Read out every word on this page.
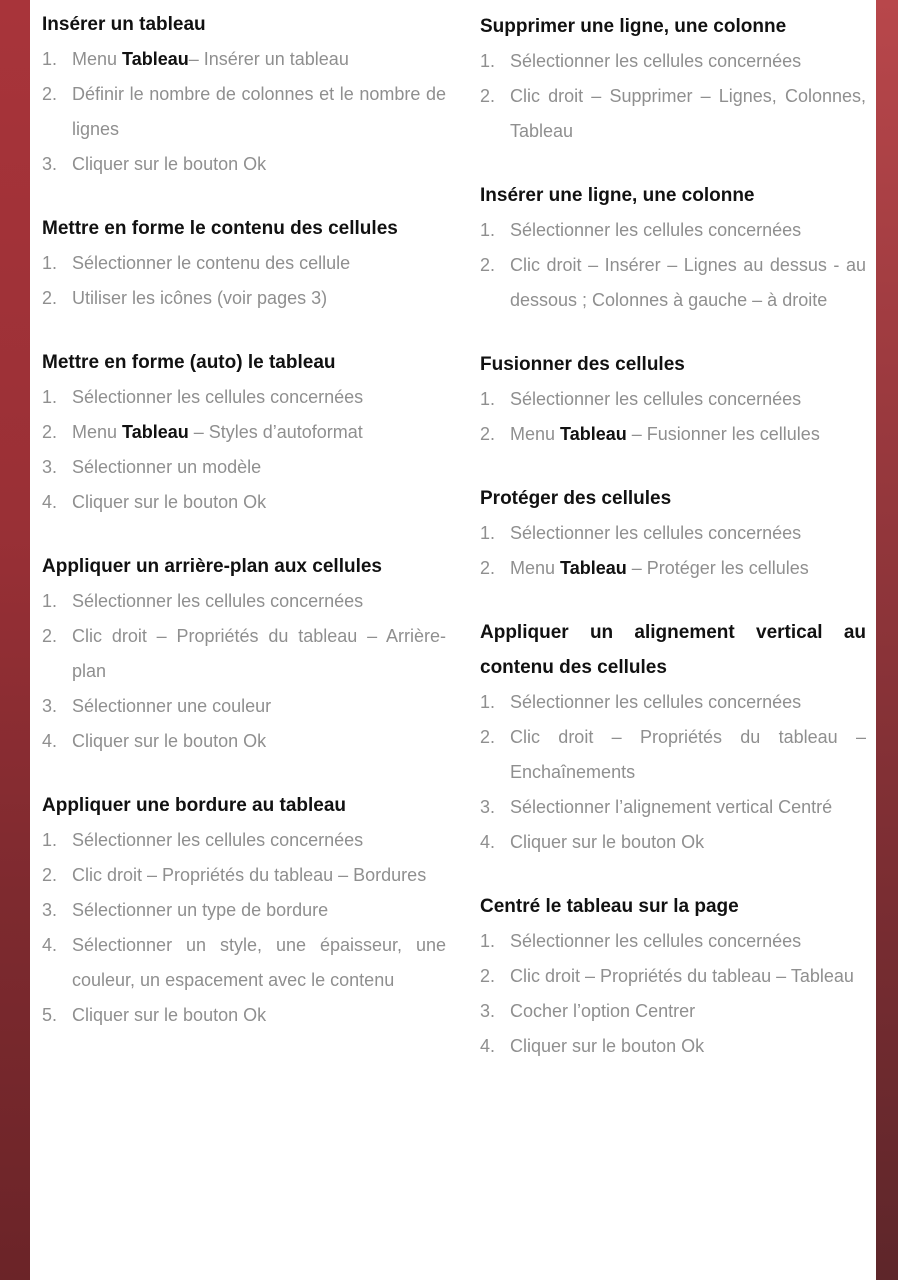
Insérer un tableau
1. Menu Tableau– Insérer un tableau
2. Définir le nombre de colonnes et le nombre de lignes
3. Cliquer sur le bouton Ok
Mettre en forme le contenu des cellules
1. Sélectionner le contenu des cellule
2. Utiliser les icônes (voir pages 3)
Mettre en forme (auto) le tableau
1. Sélectionner les cellules concernées
2. Menu Tableau – Styles d’autoformat
3. Sélectionner un modèle
4. Cliquer sur le bouton Ok
Appliquer un arrière-plan aux cellules
1. Sélectionner les cellules concernées
2. Clic droit – Propriétés du tableau – Arrière-plan
3. Sélectionner une couleur
4. Cliquer sur le bouton Ok
Appliquer une bordure au tableau
1. Sélectionner les cellules concernées
2. Clic droit – Propriétés du tableau – Bordures
3. Sélectionner un type de bordure
4. Sélectionner un style, une épaisseur, une couleur, un espacement avec le contenu
5. Cliquer sur le bouton Ok
Supprimer une ligne, une colonne
1. Sélectionner les cellules concernées
2. Clic droit – Supprimer – Lignes, Colonnes, Tableau
Insérer une ligne, une colonne
1. Sélectionner les cellules concernées
2. Clic droit – Insérer – Lignes au dessus - au dessous ; Colonnes à gauche – à droite
Fusionner des cellules
1. Sélectionner les cellules concernées
2. Menu Tableau – Fusionner les cellules
Protéger des cellules
1. Sélectionner les cellules concernées
2. Menu Tableau – Protéger les cellules
Appliquer un alignement vertical au contenu des cellules
1. Sélectionner les cellules concernées
2. Clic droit – Propriétés du tableau – Enchaînements
3. Sélectionner l’alignement vertical Centré
4. Cliquer sur le bouton Ok
Centré le tableau sur la page
1. Sélectionner les cellules concernées
2. Clic droit – Propriétés du tableau – Tableau
3. Cocher l’option Centrer
4. Cliquer sur le bouton Ok
